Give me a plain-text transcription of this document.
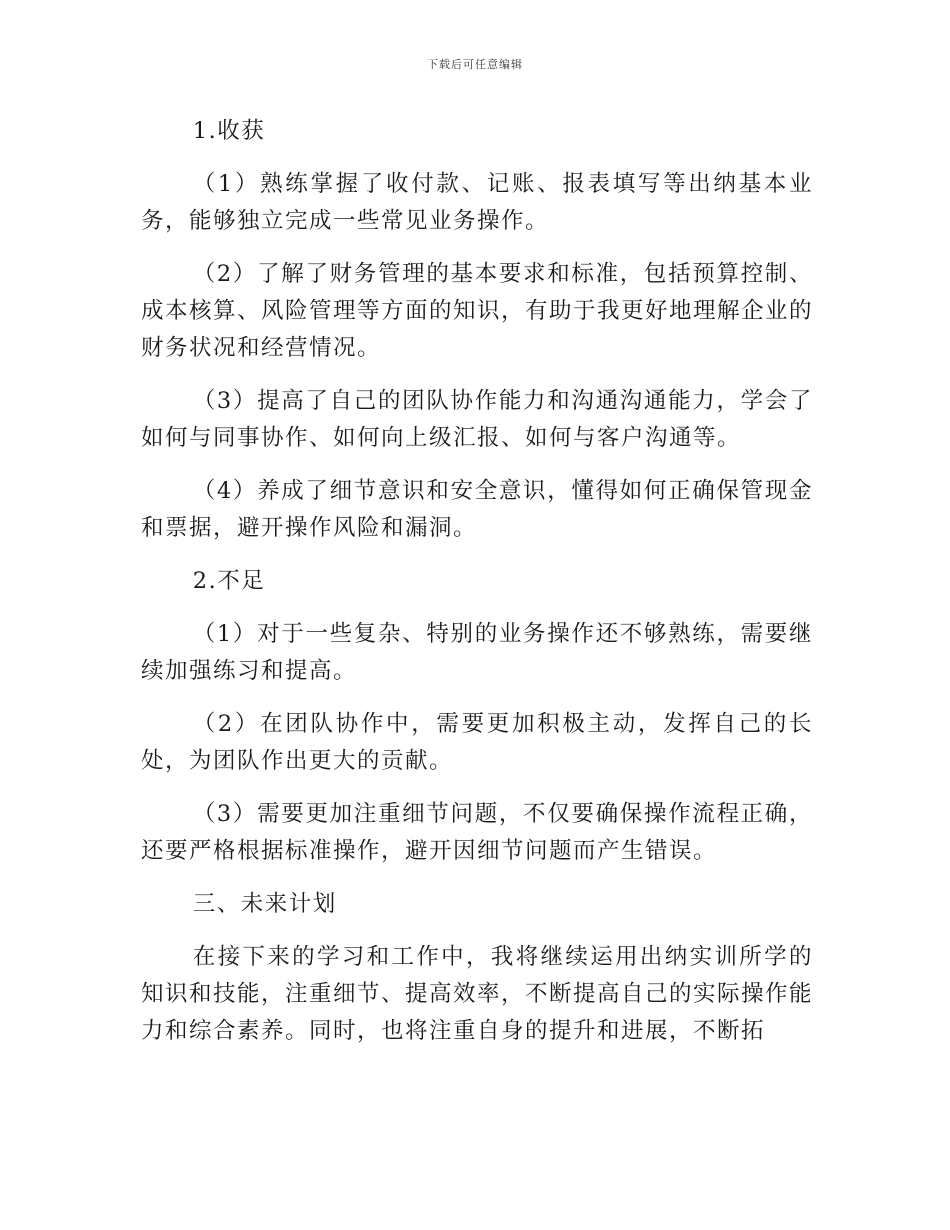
下载后可任意编辑

1.收获

（1）熟练掌握了收付款、记账、报表填写等出纳基本业务，能够独立完成一些常见业务操作。

（2）了解了财务管理的基本要求和标准，包括预算控制、成本核算、风险管理等方面的知识，有助于我更好地理解企业的财务状况和经营情况。

（3）提高了自己的团队协作能力和沟通沟通能力，学会了如何与同事协作、如何向上级汇报、如何与客户沟通等。

（4）养成了细节意识和安全意识，懂得如何正确保管现金和票据，避开操作风险和漏洞。

2.不足

（1）对于一些复杂、特别的业务操作还不够熟练，需要继续加强练习和提高。

（2）在团队协作中，需要更加积极主动，发挥自己的长处，为团队作出更大的贡献。

（3）需要更加注重细节问题，不仅要确保操作流程正确，还要严格根据标准操作，避开因细节问题而产生错误。

三、未来计划

在接下来的学习和工作中，我将继续运用出纳实训所学的知识和技能，注重细节、提高效率，不断提高自己的实际操作能力和综合素养。同时，也将注重自身的提升和进展，不断拓
